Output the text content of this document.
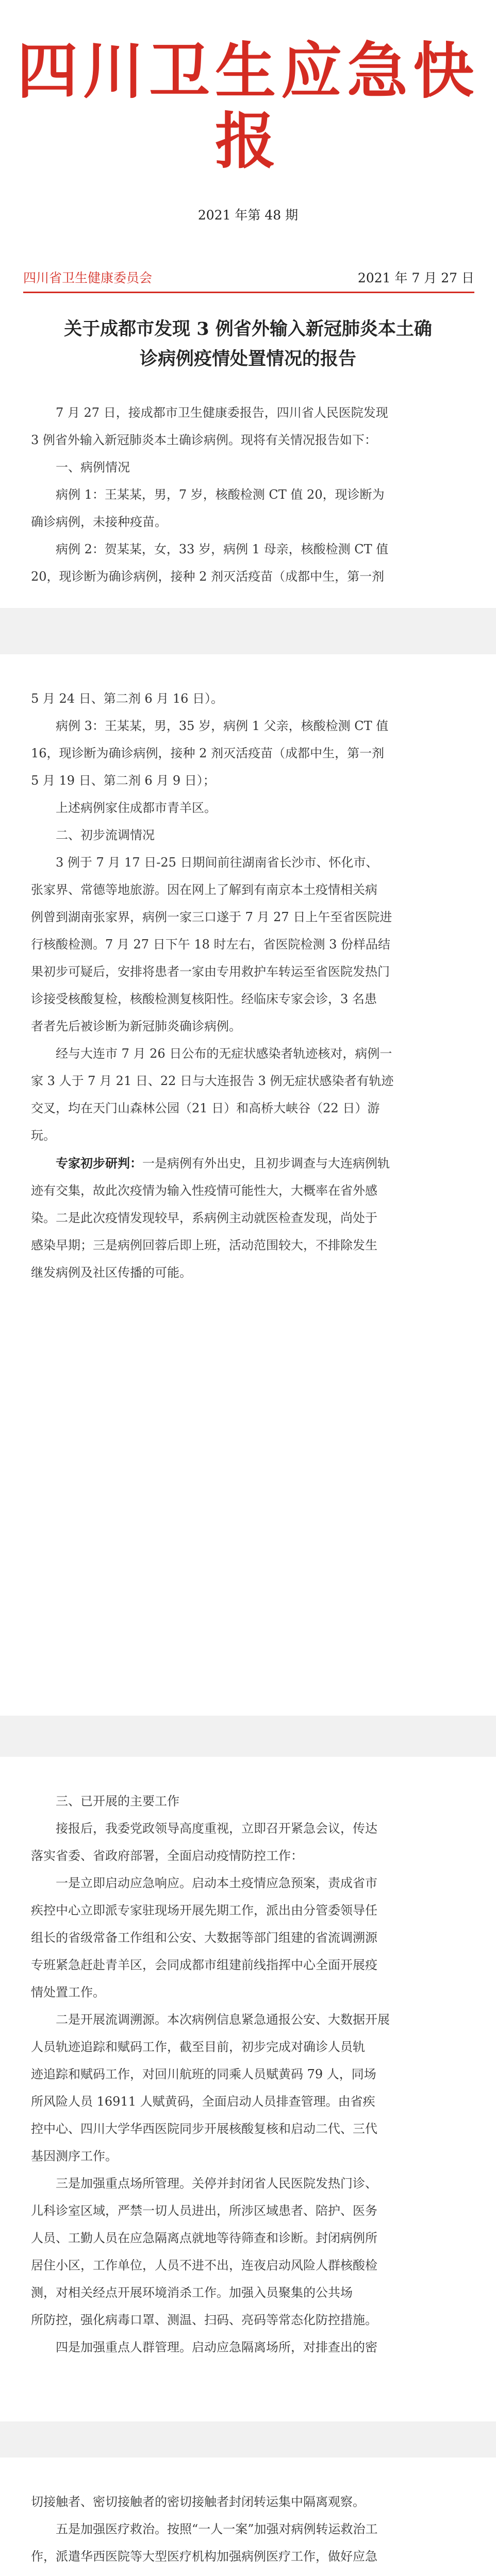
四川卫生应急快报
2021 年第 48 期
四川省卫生健康委员会	2021 年 7 月 27 日
关于成都市发现 3 例省外输入新冠肺炎本土确
诊病例疫情处置情况的报告

7 月 27 日，接成都市卫生健康委报告，四川省人民医院发现

3 例省外输入新冠肺炎本土确诊病例。现将有关情况报告如下：

一、病例情况

病例 1：王某某，男，7 岁，核酸检测 CT 值 20，现诊断为

确诊病例，未接种疫苗。

病例 2：贺某某，女，33 岁，病例 1 母亲，核酸检测 CT 值

20，现诊断为确诊病例，接种 2 剂灭活疫苗（成都中生，第一剂

5 月 24 日、第二剂 6 月 16 日）。

病例 3：王某某，男，35 岁，病例 1 父亲，核酸检测 CT 值

16，现诊断为确诊病例，接种 2 剂灭活疫苗（成都中生，第一剂

5 月 19 日、第二剂 6 月 9 日）；

上述病例家住成都市青羊区。

二、初步流调情况

3 例于 7 月 17 日-25 日期间前往湖南省长沙市、怀化市、

张家界、常德等地旅游。因在网上了解到有南京本土疫情相关病

例曾到湖南张家界，病例一家三口遂于 7 月 27 日上午至省医院进

行核酸检测。7 月 27 日下午 18 时左右，省医院检测 3 份样品结

果初步可疑后，安排将患者一家由专用救护车转运至省医院发热门

诊接受核酸复检，核酸检测复核阳性。经临床专家会诊，3 名患

者者先后被诊断为新冠肺炎确诊病例。

经与大连市 7 月 26 日公布的无症状感染者轨迹核对，病例一

家 3 人于 7 月 21 日、22 日与大连报告 3 例无症状感染者有轨迹

交叉，均在天门山森林公园（21 日）和高桥大峡谷（22 日）游

玩。

专家初步研判：一是病例有外出史，且初步调查与大连病例轨

迹有交集，故此次疫情为输入性疫情可能性大，大概率在省外感

染。二是此次疫情发现较早，系病例主动就医检查发现，尚处于

感染早期；三是病例回蓉后即上班，活动范围较大，不排除发生

继发病例及社区传播的可能。

三、已开展的主要工作

接报后，我委党政领导高度重视，立即召开紧急会议，传达

落实省委、省政府部署，全面启动疫情防控工作：

一是立即启动应急响应。启动本土疫情应急预案，责成省市

疾控中心立即派专家驻现场开展先期工作，派出由分管委领导任

组长的省级常备工作组和公安、大数据等部门组建的省流调溯源

专班紧急赶赴青羊区，会同成都市组建前线指挥中心全面开展疫

情处置工作。

二是开展流调溯源。本次病例信息紧急通报公安、大数据开展

人员轨迹追踪和赋码工作，截至目前，初步完成对确诊人员轨

迹追踪和赋码工作，对回川航班的同乘人员赋黄码 79 人，同场

所风险人员 16911 人赋黄码，全面启动人员排查管理。由省疾

控中心、四川大学华西医院同步开展核酸复核和启动二代、三代

基因测序工作。

三是加强重点场所管理。关停并封闭省人民医院发热门诊、

儿科诊室区域，严禁一切人员进出，所涉区域患者、陪护、医务

人员、工勤人员在应急隔离点就地等待筛查和诊断。封闭病例所

居住小区，工作单位，人员不进不出，连夜启动风险人群核酸检

测，对相关经点开展环境消杀工作。加强入员聚集的公共场

所防控，强化病毒口罩、测温、扫码、亮码等常态化防控措施。

四是加强重点人群管理。启动应急隔离场所，对排查出的密

切接触者、密切接触者的密切接触者封闭转运集中隔离观察。

五是加强医疗救治。按照“一人一案”加强对病例转运救治工

作，派遣华西医院等大型医疗机构加强病例医疗工作，做好应急
